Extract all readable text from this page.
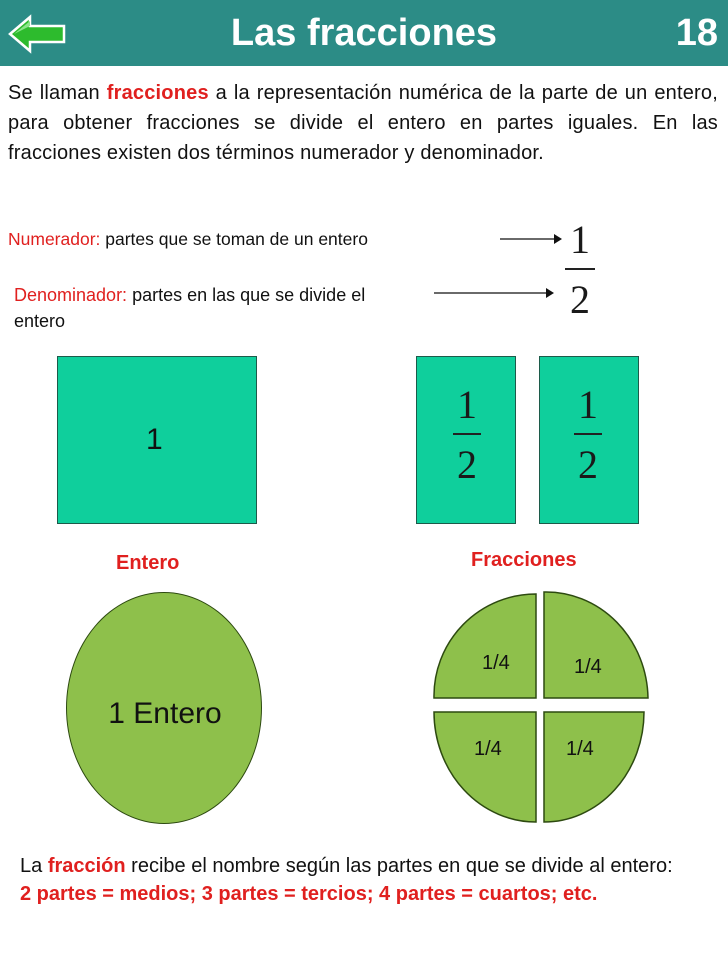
Las fracciones	18

Se llaman fracciones a la representación numérica de la parte de un entero, para obtener fracciones se divide el entero en partes iguales. En las fracciones existen dos términos numerador y denominador.

Numerador: partes que se toman de un entero
Denominador: partes en las que se divide el entero
1
2
1
Entero
1
2
1
2
Fracciones
1 Entero
1/4	1/4
1/4	1/4
La fracción recibe el nombre según las partes en que se divide al entero:
2 partes = medios; 3 partes = tercios; 4 partes = cuartos; etc.
